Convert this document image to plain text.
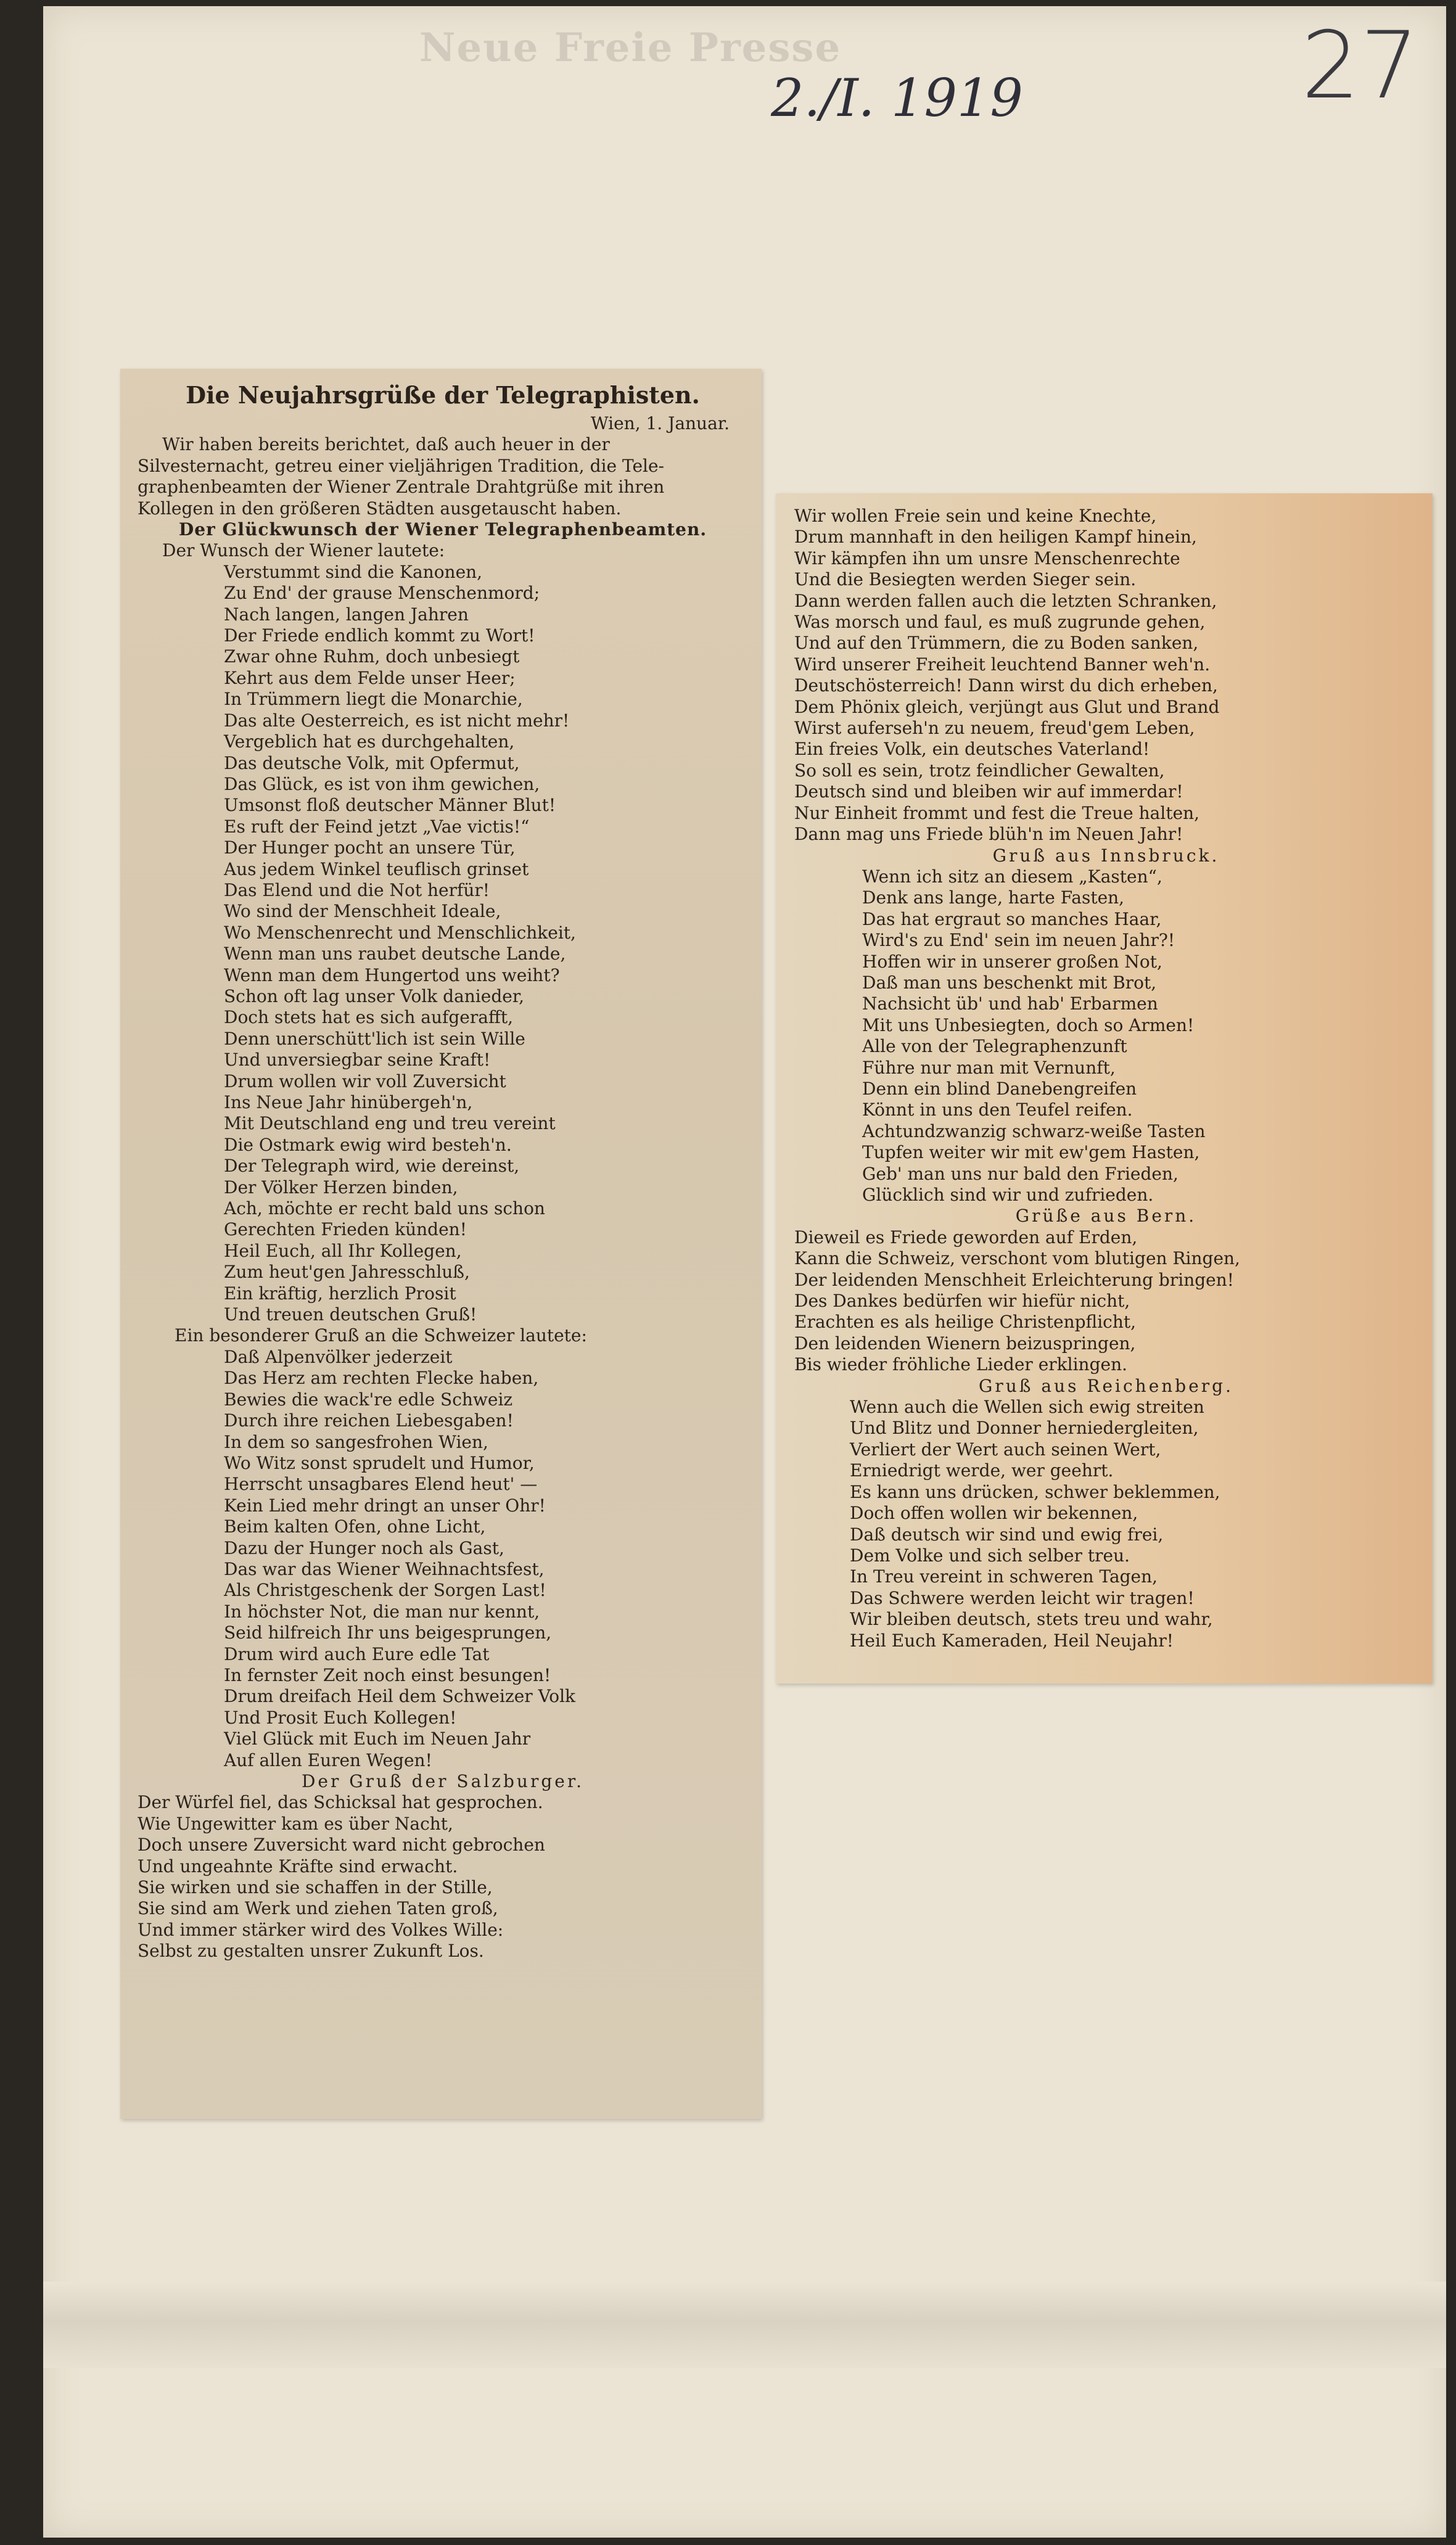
Neue Freie Presse
2./I. 1919	27
Die Neujahrsgrüße der Telegraphisten.
Wien, 1. Januar.
Wir haben bereits berichtet, daß auch heuer in der
Silvesternacht, getreu einer vieljährigen Tradition, die Tele-
graphenbeamten der Wiener Zentrale Drahtgrüße mit ihren
Kollegen in den größeren Städten ausgetauscht haben.
Der Glückwunsch der Wiener Telegraphenbeamten.
Der Wunsch der Wiener lautete:
Verstummt sind die Kanonen,
Zu End' der grause Menschenmord;
Nach langen, langen Jahren
Der Friede endlich kommt zu Wort!
Zwar ohne Ruhm, doch unbesiegt
Kehrt aus dem Felde unser Heer;
In Trümmern liegt die Monarchie,
Das alte Oesterreich, es ist nicht mehr!
Vergeblich hat es durchgehalten,
Das deutsche Volk, mit Opfermut,
Das Glück, es ist von ihm gewichen,
Umsonst floß deutscher Männer Blut!
Es ruft der Feind jetzt „Vae victis!“
Der Hunger pocht an unsere Tür,
Aus jedem Winkel teuflisch grinset
Das Elend und die Not herfür!
Wo sind der Menschheit Ideale,
Wo Menschenrecht und Menschlichkeit,
Wenn man uns raubet deutsche Lande,
Wenn man dem Hungertod uns weiht?
Schon oft lag unser Volk danieder,
Doch stets hat es sich aufgerafft,
Denn unerschütt'lich ist sein Wille
Und unversiegbar seine Kraft!
Drum wollen wir voll Zuversicht
Ins Neue Jahr hinübergeh'n,
Mit Deutschland eng und treu vereint
Die Ostmark ewig wird besteh'n.
Der Telegraph wird, wie dereinst,
Der Völker Herzen binden,
Ach, möchte er recht bald uns schon
Gerechten Frieden künden!
Heil Euch, all Ihr Kollegen,
Zum heut'gen Jahresschluß,
Ein kräftig, herzlich Prosit
Und treuen deutschen Gruß!
Ein besonderer Gruß an die Schweizer lautete:
Daß Alpenvölker jederzeit
Das Herz am rechten Flecke haben,
Bewies die wack're edle Schweiz
Durch ihre reichen Liebesgaben!
In dem so sangesfrohen Wien,
Wo Witz sonst sprudelt und Humor,
Herrscht unsagbares Elend heut' —
Kein Lied mehr dringt an unser Ohr!
Beim kalten Ofen, ohne Licht,
Dazu der Hunger noch als Gast,
Das war das Wiener Weihnachtsfest,
Als Christgeschenk der Sorgen Last!
In höchster Not, die man nur kennt,
Seid hilfreich Ihr uns beigesprungen,
Drum wird auch Eure edle Tat
In fernster Zeit noch einst besungen!
Drum dreifach Heil dem Schweizer Volk
Und Prosit Euch Kollegen!
Viel Glück mit Euch im Neuen Jahr
Auf allen Euren Wegen!
Der Gruß der Salzburger.
Der Würfel fiel, das Schicksal hat gesprochen.
Wie Ungewitter kam es über Nacht,
Doch unsere Zuversicht ward nicht gebrochen
Und ungeahnte Kräfte sind erwacht.
Sie wirken und sie schaffen in der Stille,
Sie sind am Werk und ziehen Taten groß,
Und immer stärker wird des Volkes Wille:
Selbst zu gestalten unsrer Zukunft Los.
Wir wollen Freie sein und keine Knechte,
Drum mannhaft in den heiligen Kampf hinein,
Wir kämpfen ihn um unsre Menschenrechte
Und die Besiegten werden Sieger sein.
Dann werden fallen auch die letzten Schranken,
Was morsch und faul, es muß zugrunde gehen,
Und auf den Trümmern, die zu Boden sanken,
Wird unserer Freiheit leuchtend Banner weh'n.
Deutschösterreich! Dann wirst du dich erheben,
Dem Phönix gleich, verjüngt aus Glut und Brand
Wirst auferseh'n zu neuem, freud'gem Leben,
Ein freies Volk, ein deutsches Vaterland!
So soll es sein, trotz feindlicher Gewalten,
Deutsch sind und bleiben wir auf immerdar!
Nur Einheit frommt und fest die Treue halten,
Dann mag uns Friede blüh'n im Neuen Jahr!
Gruß aus Innsbruck.
Wenn ich sitz an diesem „Kasten“,
Denk ans lange, harte Fasten,
Das hat ergraut so manches Haar,
Wird's zu End' sein im neuen Jahr?!
Hoffen wir in unserer großen Not,
Daß man uns beschenkt mit Brot,
Nachsicht üb' und hab' Erbarmen
Mit uns Unbesiegten, doch so Armen!
Alle von der Telegraphenzunft
Führe nur man mit Vernunft,
Denn ein blind Danebengreifen
Könnt in uns den Teufel reifen.
Achtundzwanzig schwarz-weiße Tasten
Tupfen weiter wir mit ew'gem Hasten,
Geb' man uns nur bald den Frieden,
Glücklich sind wir und zufrieden.
Grüße aus Bern.
Dieweil es Friede geworden auf Erden,
Kann die Schweiz, verschont vom blutigen Ringen,
Der leidenden Menschheit Erleichterung bringen!
Des Dankes bedürfen wir hiefür nicht,
Erachten es als heilige Christenpflicht,
Den leidenden Wienern beizuspringen,
Bis wieder fröhliche Lieder erklingen.
Gruß aus Reichenberg.
Wenn auch die Wellen sich ewig streiten
Und Blitz und Donner herniedergleiten,
Verliert der Wert auch seinen Wert,
Erniedrigt werde, wer geehrt.
Es kann uns drücken, schwer beklemmen,
Doch offen wollen wir bekennen,
Daß deutsch wir sind und ewig frei,
Dem Volke und sich selber treu.
In Treu vereint in schweren Tagen,
Das Schwere werden leicht wir tragen!
Wir bleiben deutsch, stets treu und wahr,
Heil Euch Kameraden, Heil Neujahr!
